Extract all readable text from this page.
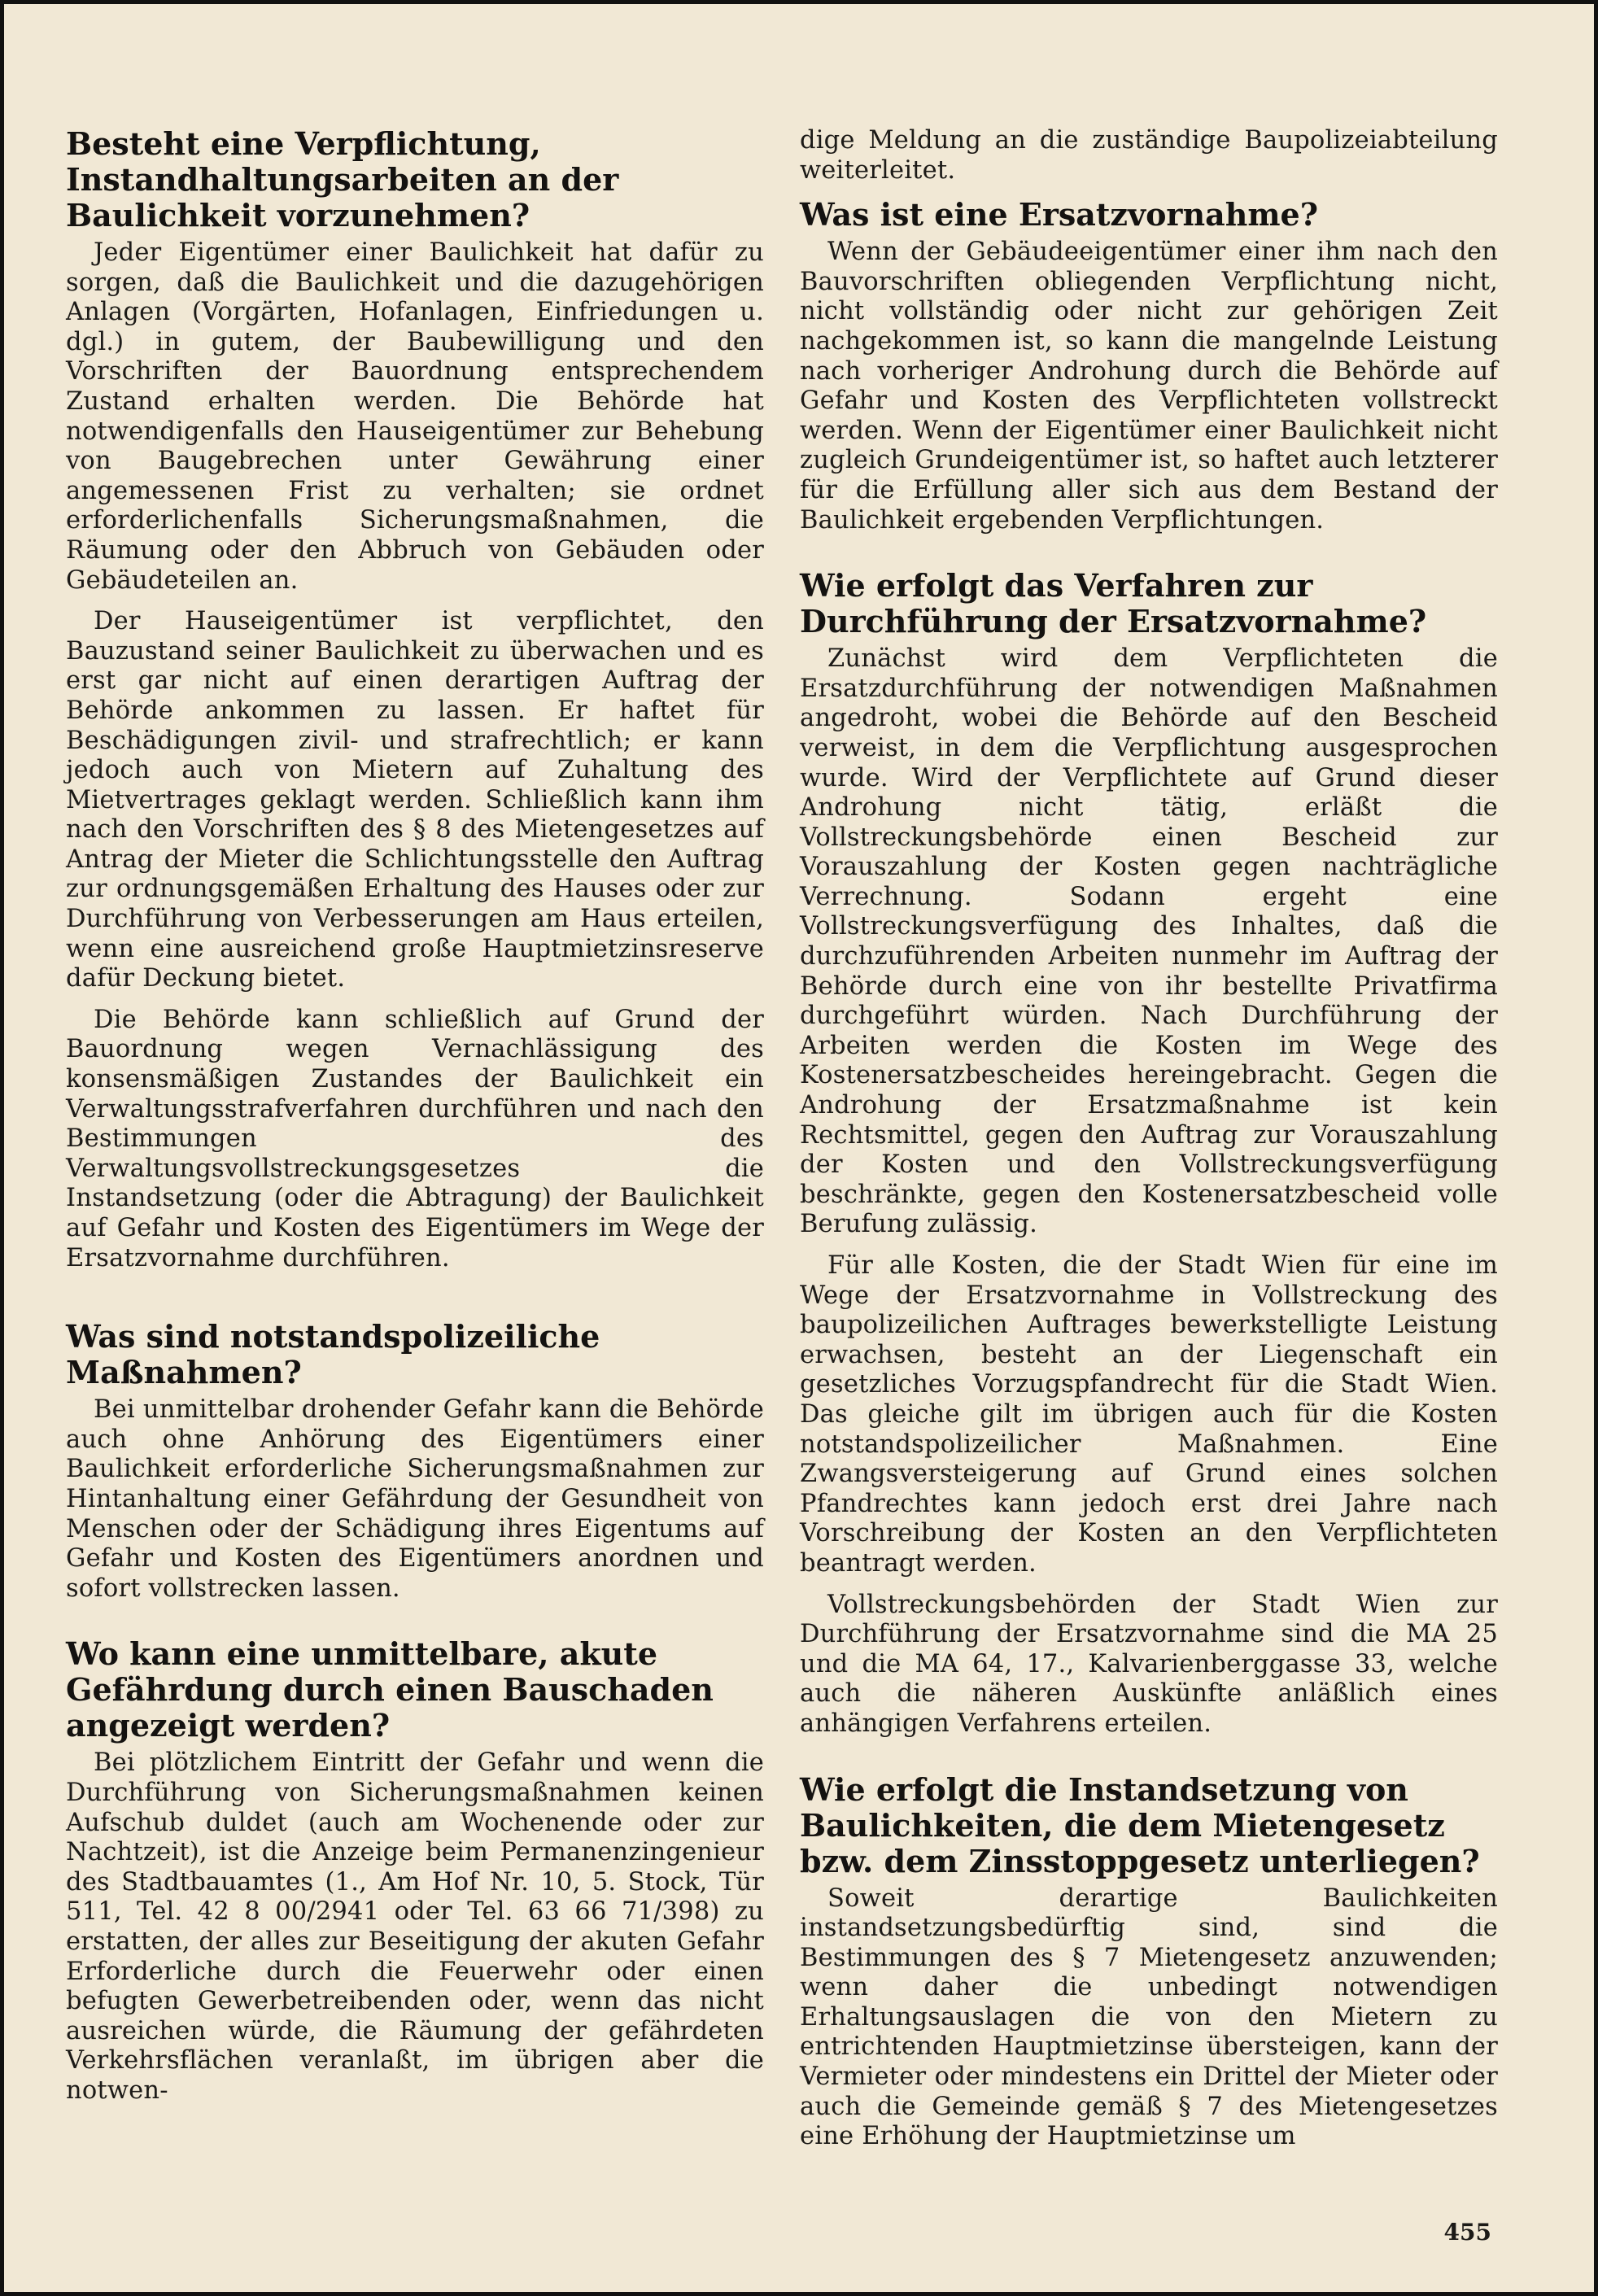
Besteht eine Verpflichtung, Instandhaltungsarbeiten an der Baulichkeit vorzunehmen?

Jeder Eigentümer einer Baulichkeit hat dafür zu sorgen, daß die Baulichkeit und die dazugehörigen Anlagen (Vorgärten, Hofanlagen, Einfriedungen u. dgl.) in gutem, der Baubewilligung und den Vorschriften der Bauordnung entsprechendem Zustand erhalten werden. Die Behörde hat notwendigenfalls den Hauseigentümer zur Behebung von Baugebrechen unter Gewährung einer angemessenen Frist zu verhalten; sie ordnet erforderlichenfalls Sicherungsmaßnahmen, die Räumung oder den Abbruch von Gebäuden oder Gebäudeteilen an.

Der Hauseigentümer ist verpflichtet, den Bauzustand seiner Baulichkeit zu überwachen und es erst gar nicht auf einen derartigen Auftrag der Behörde ankommen zu lassen. Er haftet für Beschädigungen zivil- und strafrechtlich; er kann jedoch auch von Mietern auf Zuhaltung des Mietvertrages geklagt werden. Schließlich kann ihm nach den Vorschriften des § 8 des Mietengesetzes auf Antrag der Mieter die Schlichtungsstelle den Auftrag zur ordnungsgemäßen Erhaltung des Hauses oder zur Durchführung von Verbesserungen am Haus erteilen, wenn eine ausreichend große Hauptmietzinsreserve dafür Deckung bietet.

Die Behörde kann schließlich auf Grund der Bauordnung wegen Vernachlässigung des konsensmäßigen Zustandes der Baulichkeit ein Verwaltungsstrafverfahren durchführen und nach den Bestimmungen des Verwaltungsvollstreckungsgesetzes die Instandsetzung (oder die Abtragung) der Baulichkeit auf Gefahr und Kosten des Eigentümers im Wege der Ersatzvornahme durchführen.

Was sind notstandspolizeiliche Maßnahmen?

Bei unmittelbar drohender Gefahr kann die Behörde auch ohne Anhörung des Eigentümers einer Baulichkeit erforderliche Sicherungsmaßnahmen zur Hintanhaltung einer Gefährdung der Gesundheit von Menschen oder der Schädigung ihres Eigentums auf Gefahr und Kosten des Eigentümers anordnen und sofort vollstrecken lassen.

Wo kann eine unmittelbare, akute Gefährdung durch einen Bauschaden angezeigt werden?

Bei plötzlichem Eintritt der Gefahr und wenn die Durchführung von Sicherungsmaßnahmen keinen Aufschub duldet (auch am Wochenende oder zur Nachtzeit), ist die Anzeige beim Permanenzingenieur des Stadtbauamtes (1., Am Hof Nr. 10, 5. Stock, Tür 511, Tel. 42 8 00/2941 oder Tel. 63 66 71/398) zu erstatten, der alles zur Beseitigung der akuten Gefahr Erforderliche durch die Feuerwehr oder einen befugten Gewerbetreibenden oder, wenn das nicht ausreichen würde, die Räumung der gefährdeten Verkehrsflächen veranlaßt, im übrigen aber die notwen-

dige Meldung an die zuständige Baupolizeiabteilung weiterleitet.

Was ist eine Ersatzvornahme?

Wenn der Gebäudeeigentümer einer ihm nach den Bauvorschriften obliegenden Verpflichtung nicht, nicht vollständig oder nicht zur gehörigen Zeit nachgekommen ist, so kann die mangelnde Leistung nach vorheriger Androhung durch die Behörde auf Gefahr und Kosten des Verpflichteten vollstreckt werden. Wenn der Eigentümer einer Baulichkeit nicht zugleich Grundeigentümer ist, so haftet auch letzterer für die Erfüllung aller sich aus dem Bestand der Baulichkeit ergebenden Verpflichtungen.

Wie erfolgt das Verfahren zur Durchführung der Ersatzvornahme?

Zunächst wird dem Verpflichteten die Ersatzdurchführung der notwendigen Maßnahmen angedroht, wobei die Behörde auf den Bescheid verweist, in dem die Verpflichtung ausgesprochen wurde. Wird der Verpflichtete auf Grund dieser Androhung nicht tätig, erläßt die Vollstreckungsbehörde einen Bescheid zur Vorauszahlung der Kosten gegen nachträgliche Verrechnung. Sodann ergeht eine Vollstreckungsverfügung des Inhaltes, daß die durchzuführenden Arbeiten nunmehr im Auftrag der Behörde durch eine von ihr bestellte Privatfirma durchgeführt würden. Nach Durchführung der Arbeiten werden die Kosten im Wege des Kostenersatzbescheides hereingebracht. Gegen die Androhung der Ersatzmaßnahme ist kein Rechtsmittel, gegen den Auftrag zur Vorauszahlung der Kosten und den Vollstreckungsverfügung beschränkte, gegen den Kostenersatzbescheid volle Berufung zulässig.

Für alle Kosten, die der Stadt Wien für eine im Wege der Ersatzvornahme in Vollstreckung des baupolizeilichen Auftrages bewerkstelligte Leistung erwachsen, besteht an der Liegenschaft ein gesetzliches Vorzugspfandrecht für die Stadt Wien. Das gleiche gilt im übrigen auch für die Kosten notstandspolizeilicher Maßnahmen. Eine Zwangsversteigerung auf Grund eines solchen Pfandrechtes kann jedoch erst drei Jahre nach Vorschreibung der Kosten an den Verpflichteten beantragt werden.

Vollstreckungsbehörden der Stadt Wien zur Durchführung der Ersatzvornahme sind die MA 25 und die MA 64, 17., Kalvarienberggasse 33, welche auch die näheren Auskünfte anläßlich eines anhängigen Verfahrens erteilen.

Wie erfolgt die Instandsetzung von Baulichkeiten, die dem Mietengesetz bzw. dem Zinsstoppgesetz unterliegen?

Soweit derartige Baulichkeiten instandsetzungsbedürftig sind, sind die Bestimmungen des § 7 Mietengesetz anzuwenden; wenn daher die unbedingt notwendigen Erhaltungsauslagen die von den Mietern zu entrichtenden Hauptmietzinse übersteigen, kann der Vermieter oder mindestens ein Drittel der Mieter oder auch die Gemeinde gemäß § 7 des Mietengesetzes eine Erhöhung der Hauptmietzinse um

455
